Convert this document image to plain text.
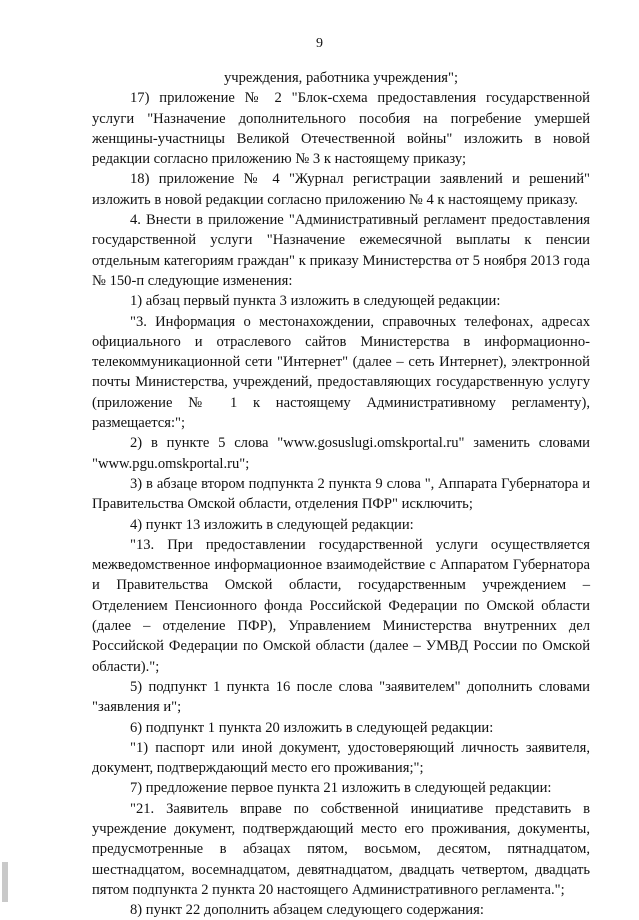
9

учреждения, работника учреждения";

17) приложение № 2 "Блок-схема предоставления государственной услуги "Назначение дополнительного пособия на погребение умершей женщины-участницы Великой Отечественной войны" изложить в новой редакции согласно приложению № 3 к настоящему приказу;

18) приложение № 4 "Журнал регистрации заявлений и решений" изложить в новой редакции согласно приложению № 4 к настоящему приказу.

4. Внести в приложение "Административный регламент предоставления государственной услуги "Назначение ежемесячной выплаты к пенсии отдельным категориям граждан" к приказу Министерства от 5 ноября 2013 года № 150-п следующие изменения:

1) абзац первый пункта 3 изложить в следующей редакции:

"3. Информация о местонахождении, справочных телефонах, адресах официального и отраслевого сайтов Министерства в информационно-телекоммуникационной сети "Интернет" (далее – сеть Интернет), электронной почты Министерства, учреждений, предоставляющих государственную услугу (приложение № 1 к настоящему Административному регламенту), размещается:";

2) в пункте 5 слова "www.gosuslugi.omskportal.ru" заменить словами "www.pgu.omskportal.ru";

3) в абзаце втором подпункта 2 пункта 9 слова ", Аппарата Губернатора и Правительства Омской области, отделения ПФР" исключить;

4) пункт 13 изложить в следующей редакции:

"13. При предоставлении государственной услуги осуществляется межведомственное информационное взаимодействие с Аппаратом Губернатора и Правительства Омской области, государственным учреждением – Отделением Пенсионного фонда Российской Федерации по Омской области (далее – отделение ПФР), Управлением Министерства внутренних дел Российской Федерации по Омской области (далее – УМВД России по Омской области).";

5) подпункт 1 пункта 16 после слова "заявителем" дополнить словами "заявления и";

6) подпункт 1 пункта 20 изложить в следующей редакции:

"1) паспорт или иной документ, удостоверяющий личность заявителя, документ, подтверждающий место его проживания;";

7) предложение первое пункта 21 изложить в следующей редакции:

"21. Заявитель вправе по собственной инициативе представить в учреждение документ, подтверждающий место его проживания, документы, предусмотренные в абзацах пятом, восьмом, десятом, пятнадцатом, шестнадцатом, восемнадцатом, девятнадцатом, двадцать четвертом, двадцать пятом подпункта 2 пункта 20 настоящего Административного регламента.";

8) пункт 22 дополнить абзацем следующего содержания:
